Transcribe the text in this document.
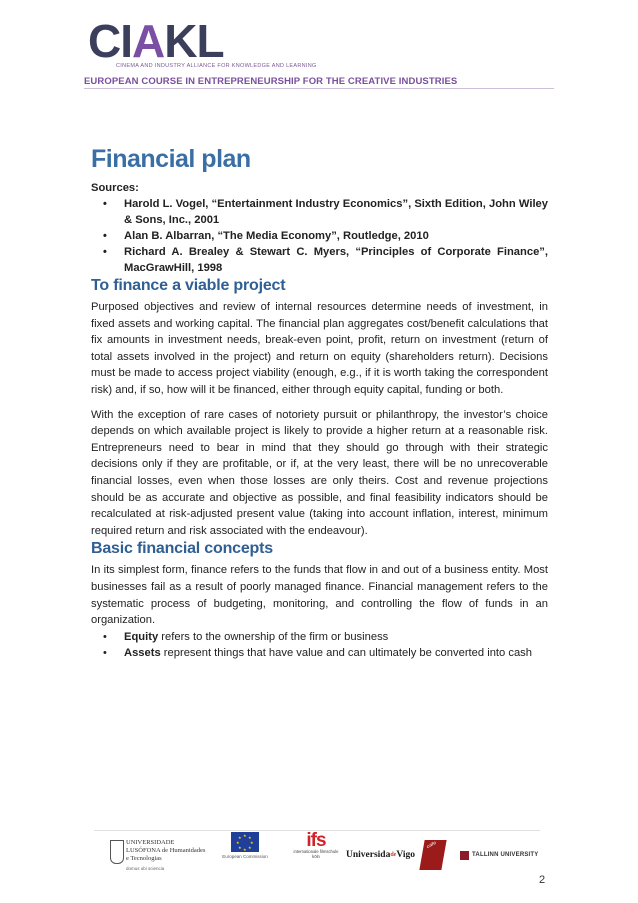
CIAKL
CINEMA AND INDUSTRY ALLIANCE FOR KNOWLEDGE AND LEARNING
EUROPEAN COURSE IN ENTREPRENEURSHIP FOR THE CREATIVE INDUSTRIES
Financial plan
Sources:
• Harold L. Vogel, “Entertainment Industry Economics”, Sixth Edition, John Wiley & Sons, Inc., 2001
• Alan B. Albarran, “The Media Economy”, Routledge, 2010
• Richard A. Brealey & Stewart C. Myers, “Principles of Corporate Finance”, MacGrawHill, 1998
To finance a viable project

Purposed objectives and review of internal resources determine needs of investment, in fixed assets and working capital. The financial plan aggregates cost/benefit calculations that fix amounts in investment needs, break-even point, profit, return on investment (return of total assets involved in the project) and return on equity (shareholders return). Decisions must be made to access project viability (enough, e.g., if it is worth taking the correspondent risk) and, if so, how will it be financed, either through equity capital, funding or both.

With the exception of rare cases of notoriety pursuit or philanthropy, the investor’s choice depends on which available project is likely to provide a higher return at a reasonable risk. Entrepreneurs need to bear in mind that they should go through with their strategic decisions only if they are profitable, or if, at the very least, there will be no unrecoverable financial losses, even when those losses are only theirs. Cost and revenue projections should be as accurate and objective as possible, and final feasibility indicators should be recalculated at risk-adjusted present value (taking into account inflation, interest, minimum required return and risk associated with the endeavour).

Basic financial concepts

In its simplest form, finance refers to the funds that flow in and out of a business entity. Most businesses fail as a result of poorly managed finance. Financial management refers to the systematic process of budgeting, monitoring, and controlling the flow of funds in an organization.

• Equity refers to the ownership of the firm or business
• Assets represent things that have value and can ultimately be converted into cash
UNIVERSIDADE LUSÓFONA de Humanidades e Tecnologias
domus ubi sciencia
★ ★
★
★
★
★
★
★
European Commission
ifs
internationale filmschule köln	Universida de Vigo
cafe
TALLINN UNIVERSITY
2
